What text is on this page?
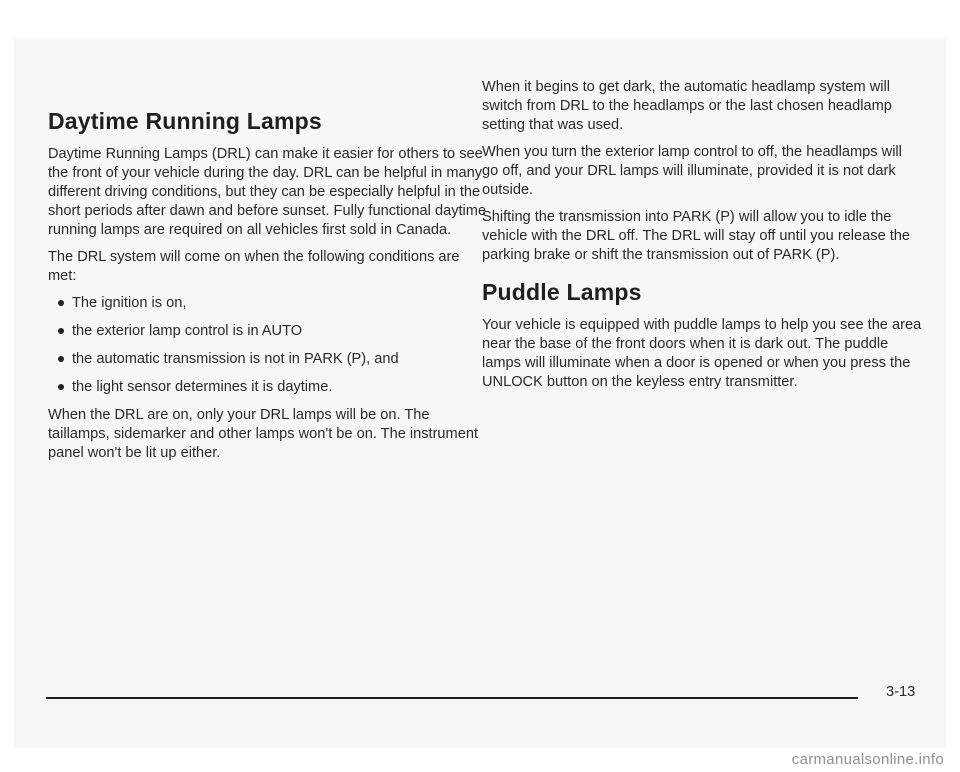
Daytime Running Lamps

Daytime Running Lamps (DRL) can make it easier for others to see the front of your vehicle during the day. DRL can be helpful in many different driving conditions, but they can be especially helpful in the short periods after dawn and before sunset. Fully functional daytime running lamps are required on all vehicles first sold in Canada.

The DRL system will come on when the following conditions are met:

The ignition is on,
the exterior lamp control is in AUTO
the automatic transmission is not in PARK (P), and
the light sensor determines it is daytime.

When the DRL are on, only your DRL lamps will be on. The taillamps, sidemarker and other lamps won't be on. The instrument panel won't be lit up either.

When it begins to get dark, the automatic headlamp system will switch from DRL to the headlamps or the last chosen headlamp setting that was used.

When you turn the exterior lamp control to off, the headlamps will go off, and your DRL lamps will illuminate, provided it is not dark outside.

Shifting the transmission into PARK (P) will allow you to idle the vehicle with the DRL off. The DRL will stay off until you release the parking brake or shift the transmission out of PARK (P).

Puddle Lamps

Your vehicle is equipped with puddle lamps to help you see the area near the base of the front doors when it is dark out. The puddle lamps will illuminate when a door is opened or when you press the UNLOCK button on the keyless entry transmitter.

3-13
carmanualsonline.info
